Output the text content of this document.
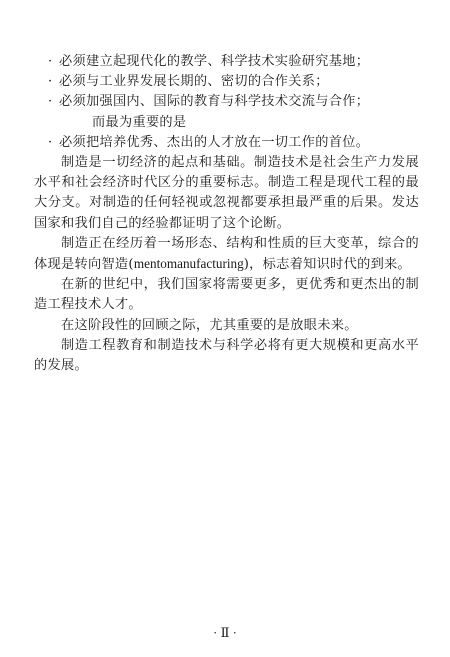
· 必须建立起现代化的教学、科学技术实验研究基地；

· 必须与工业界发展长期的、密切的合作关系；

· 必须加强国内、国际的教育与科学技术交流与合作；

而最为重要的是

· 必须把培养优秀、杰出的人才放在一切工作的首位。

制造是一切经济的起点和基础。制造技术是社会生产力发展水平和社会经济时代区分的重要标志。制造工程是现代工程的最大分支。对制造的任何轻视或忽视都要承担最严重的后果。发达国家和我们自己的经验都证明了这个论断。

制造正在经历着一场形态、结构和性质的巨大变革，综合的体现是转向智造(mentomanufacturing)，标志着知识时代的到来。

在新的世纪中，我们国家将需要更多，更优秀和更杰出的制造工程技术人才。

在这阶段性的回顾之际，尤其重要的是放眼未来。

制造工程教育和制造技术与科学必将有更大规模和更高水平的发展。

· Ⅱ ·
